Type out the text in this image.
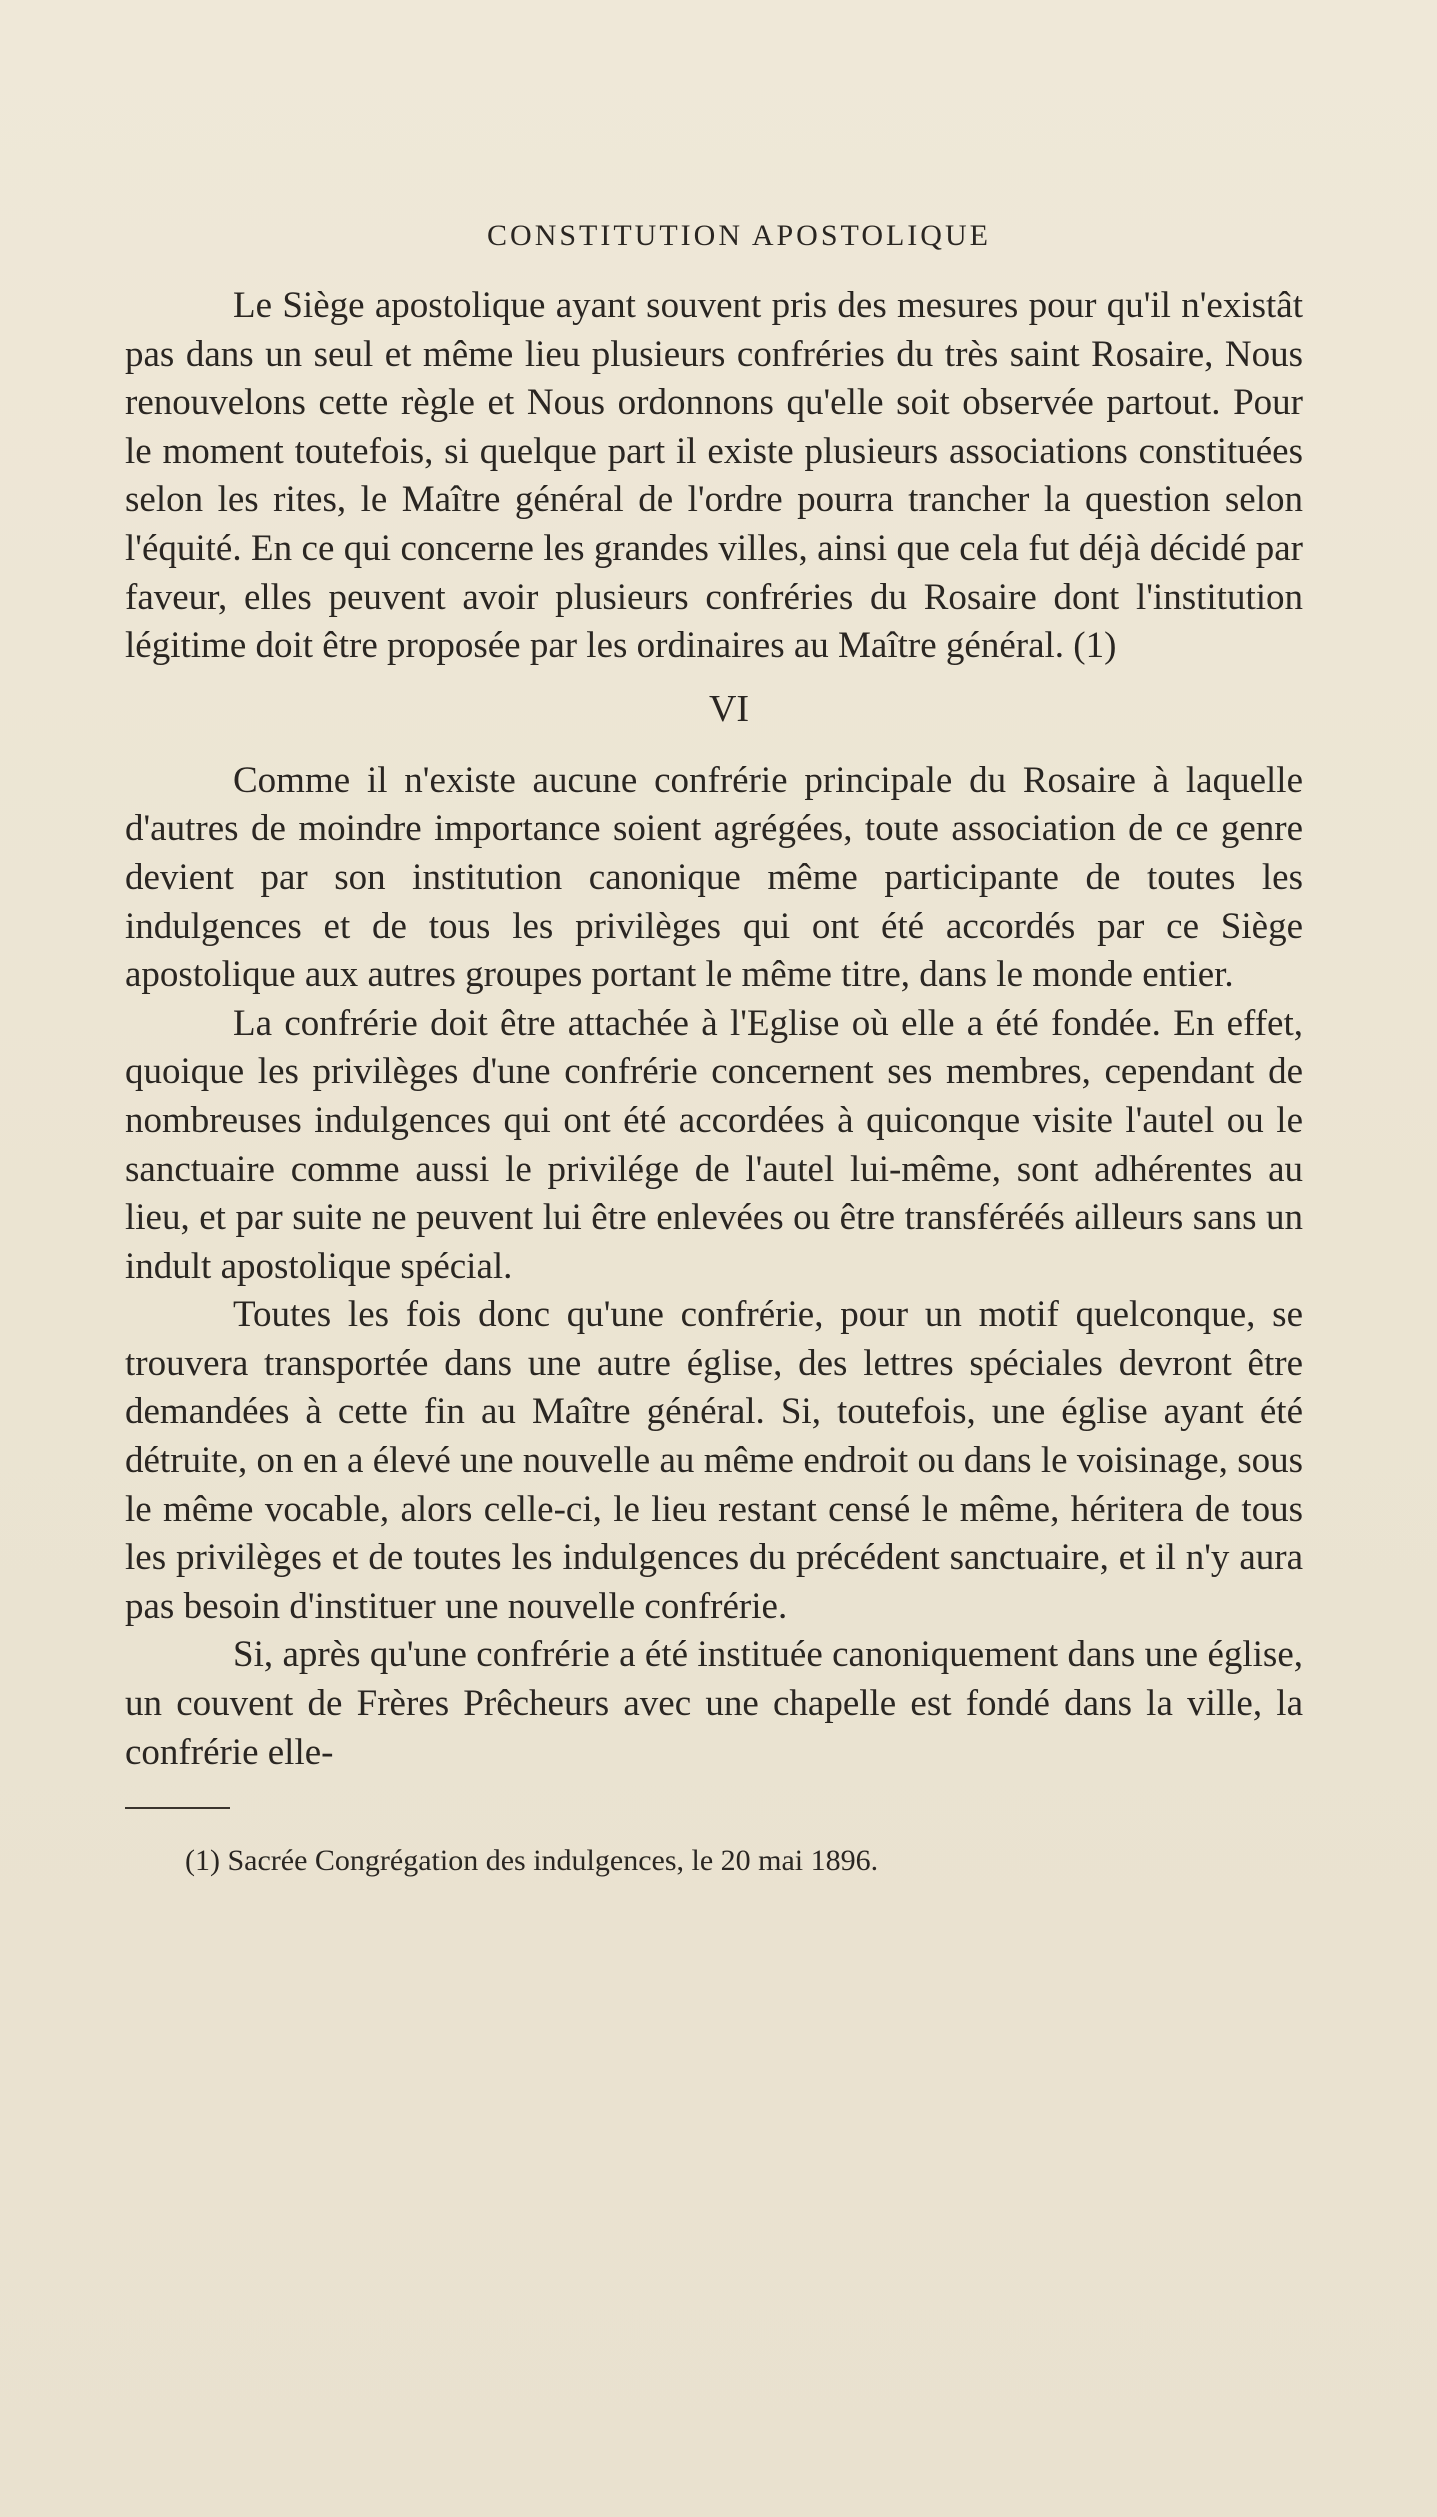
CONSTITUTION APOSTOLIQUE

Le Siège apostolique ayant souvent pris des mesures pour qu'il n'existât pas dans un seul et même lieu plusieurs confréries du très saint Rosaire, Nous renouvelons cette règle et Nous ordonnons qu'elle soit observée partout. Pour le moment toutefois, si quelque part il existe plusieurs associations constituées selon les rites, le Maître général de l'ordre pourra trancher la question selon l'équité. En ce qui concerne les grandes villes, ainsi que cela fut déjà décidé par faveur, elles peuvent avoir plusieurs confréries du Rosaire dont l'institution légitime doit être proposée par les ordinaires au Maître général. (1)

VI

Comme il n'existe aucune confrérie principale du Rosaire à laquelle d'autres de moindre importance soient agrégées, toute association de ce genre devient par son institution canonique même participante de toutes les indulgences et de tous les privilèges qui ont été accordés par ce Siège apostolique aux autres groupes portant le même titre, dans le monde entier.

La confrérie doit être attachée à l'Eglise où elle a été fondée. En effet, quoique les privilèges d'une confrérie concernent ses membres, cependant de nombreuses indulgences qui ont été accordées à quiconque visite l'autel ou le sanctuaire comme aussi le privilége de l'autel lui-même, sont adhérentes au lieu, et par suite ne peuvent lui être enlevées ou être transféréés ailleurs sans un indult apostolique spécial.

Toutes les fois donc qu'une confrérie, pour un motif quelconque, se trouvera transportée dans une autre église, des lettres spéciales devront être demandées à cette fin au Maître général. Si, toutefois, une église ayant été détruite, on en a élevé une nouvelle au même endroit ou dans le voisinage, sous le même vocable, alors celle-ci, le lieu restant censé le même, héritera de tous les privilèges et de toutes les indulgences du précédent sanctuaire, et il n'y aura pas besoin d'instituer une nouvelle confrérie.

Si, après qu'une confrérie a été instituée canoniquement dans une église, un couvent de Frères Prêcheurs avec une chapelle est fondé dans la ville, la confrérie elle-

(1) Sacrée Congrégation des indulgences, le 20 mai 1896.
